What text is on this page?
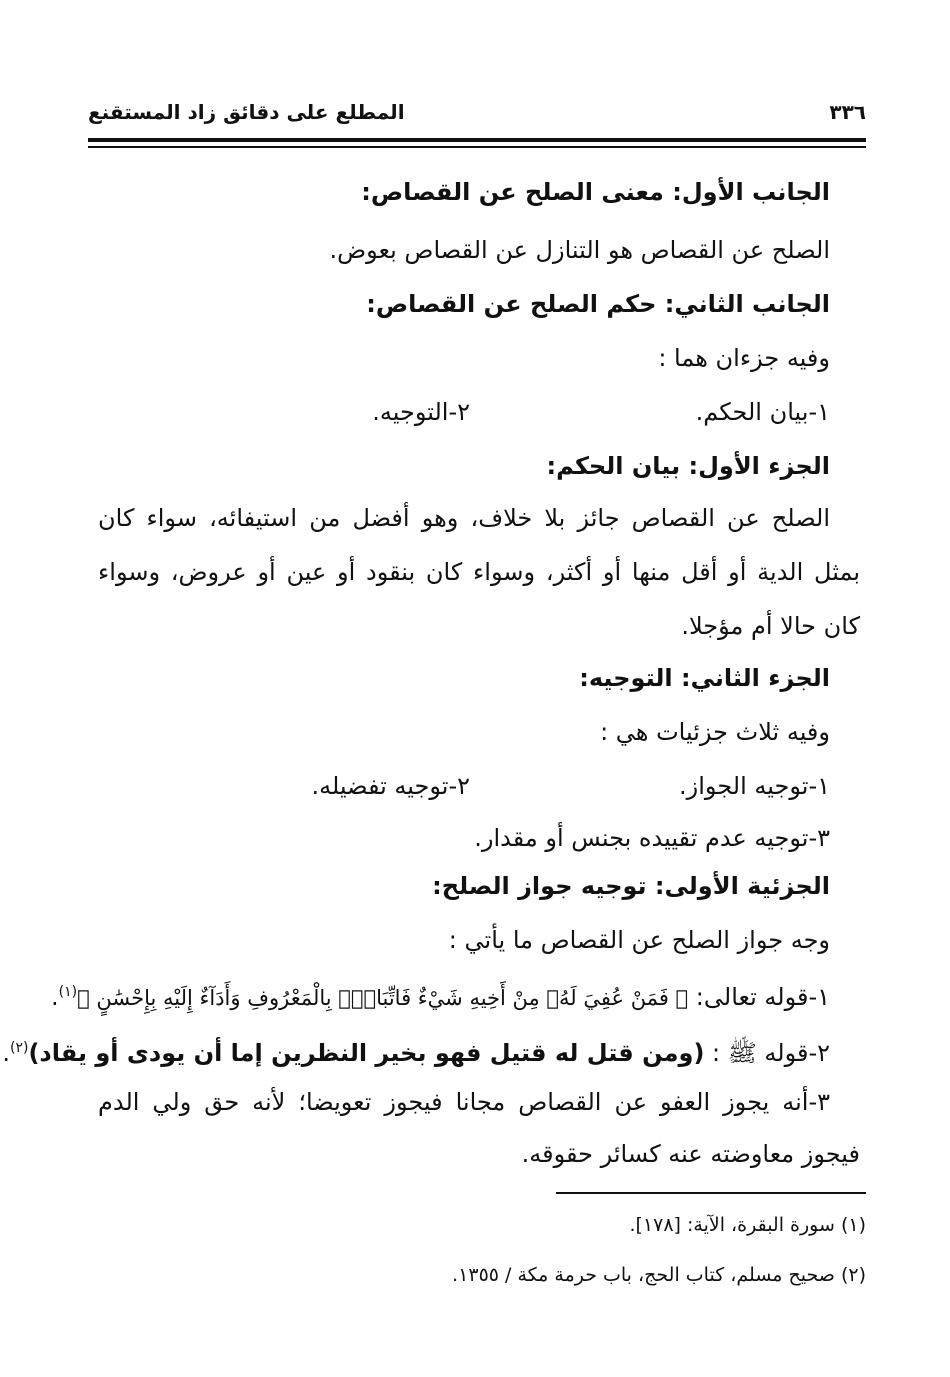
المطلع على دقائق زاد المستقنع	٣٣٦
الجانب الأول: معنى الصلح عن القصاص:
الصلح عن القصاص هو التنازل عن القصاص بعوض.
الجانب الثاني: حكم الصلح عن القصاص:
وفيه جزءان هما :
١-بيان الحكم.
٢-التوجيه.
الجزء الأول: بيان الحكم:
الصلح عن القصاص جائز بلا خلاف، وهو أفضل من استيفائه، سواء كان
بمثل الدية أو أقل منها أو أكثر، وسواء كان بنقود أو عين أو عروض، وسواء
كان حالا أم مؤجلا.
الجزء الثاني: التوجيه:
وفيه ثلاث جزئيات هي :
١-توجيه الجواز.
٢-توجيه تفضيله.
٣-توجيه عدم تقييده بجنس أو مقدار.
الجزئية الأولى: توجيه جواز الصلح:
وجه جواز الصلح عن القصاص ما يأتي :
١-قوله تعالى: ﴿ فَمَنْ عُفِيَ لَهُۥ مِنْ أَخِيهِ شَيْءٌ فَاتِّبَاعٌۢ بِالْمَعْرُوفِ وَأَدَآءٌ إِلَيْهِ بِإِحْسَٰنٍ ﴾$^{(١)}$.
٢-قوله ﷺ : (ومن قتل له قتيل فهو بخير النظرين إما أن يودى أو يقاد)$^{(٢)}$.
٣-أنه يجوز العفو عن القصاص مجانا فيجوز تعويضا؛ لأنه حق ولي الدم
فيجوز معاوضته عنه كسائر حقوقه.
(١) سورة البقرة، الآية: [١٧٨].
(٢) صحيح مسلم، كتاب الحج، باب حرمة مكة / ١٣٥٥.
